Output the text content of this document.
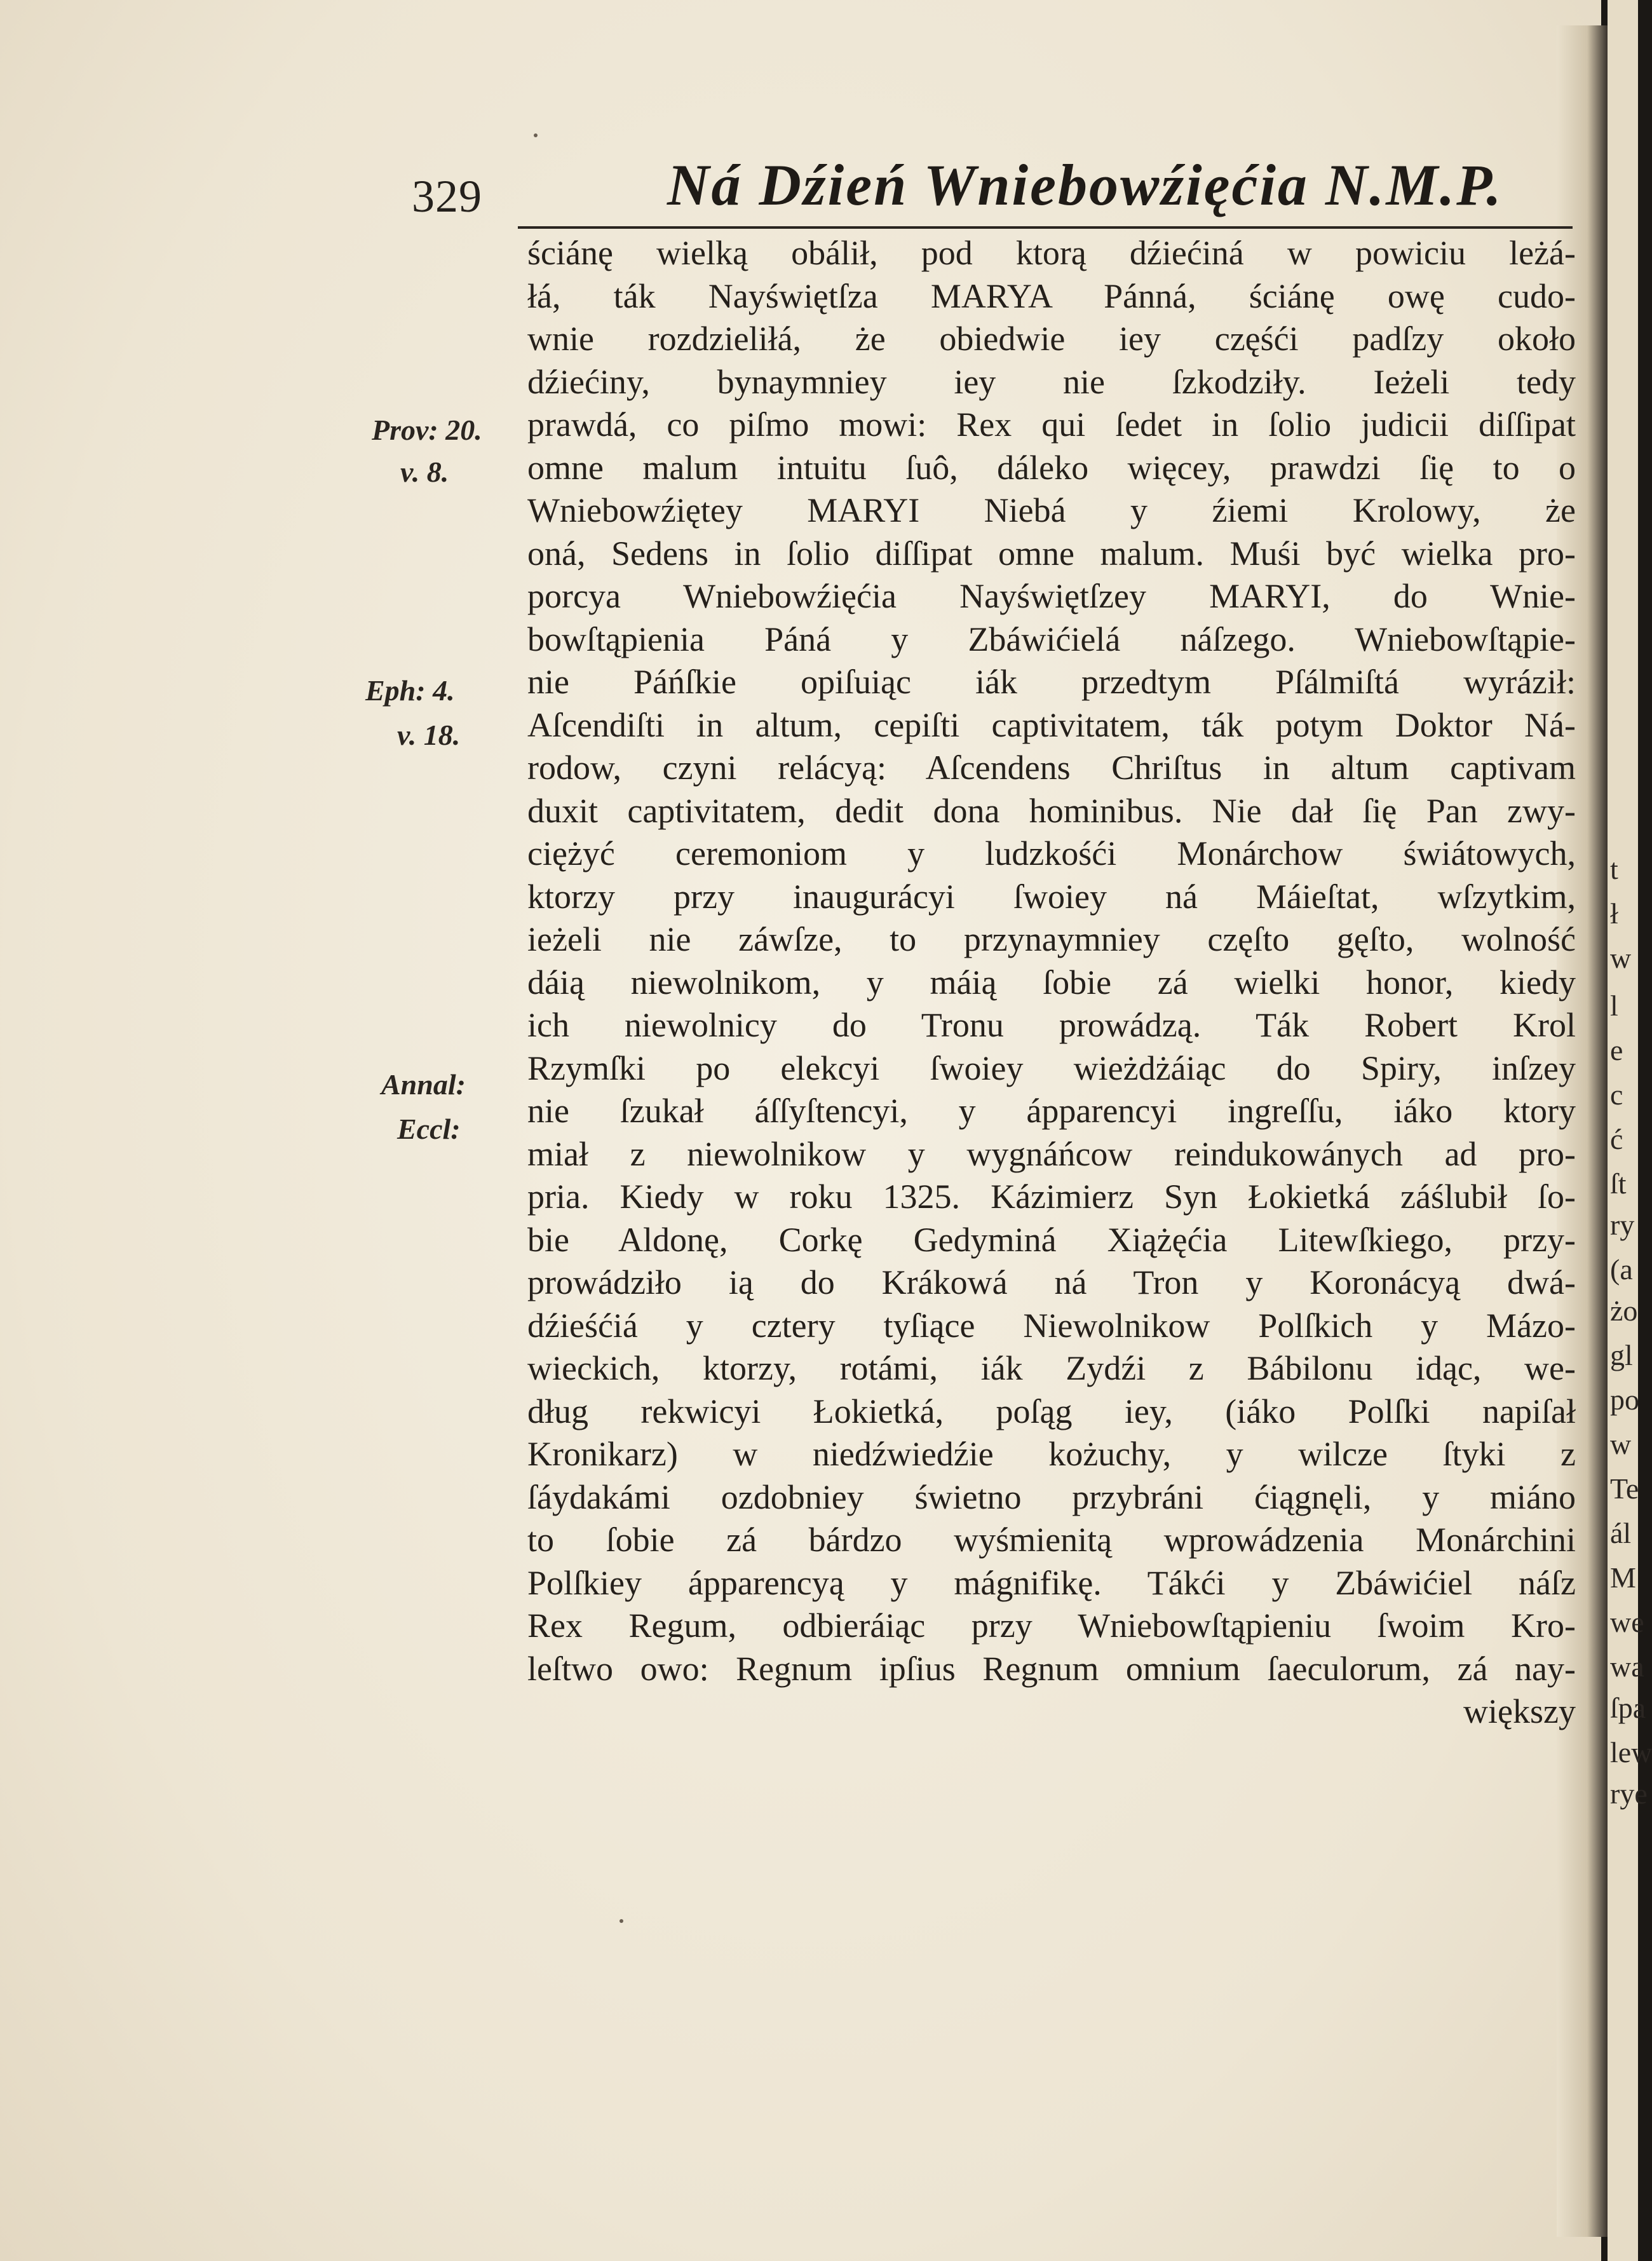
329	Ná Dźień Wniebowźięćia N.M.P.
Prov: 20.
v. 8.
Eph: 4.
v. 18.
Annal:
Eccl:
ścіánę wielką obálił, pod ktorą dźiećiná w powiciu leżá-
łá, ták Nayświętſza MARYA Pánná, ścіánę owę cudo-
wnie rozdzieliłá, że obiedwie iey częśći padſzy około
dźiećiny, bynaymniey iey nie ſzkodziły. Ieżeli tedy
prawdá, co piſmo mowi: Rex qui ſedet in ſolio judicii diſſipat
omne malum intuitu ſuô, dáleko więcey, prawdzi ſię to o
Wniebowźiętey MARYI Niebá y źiemi Krolowy, że
oná, Sedens in ſolio diſſipat omne malum. Muśi być wielka pro-
porcya Wniebowźięćia Nayświętſzey MARYI, do Wnie-
bowſtąpienia Páná y Zbáwićielá náſzego. Wniebowſtąpie-
nie Páńſkie opiſuiąc iák przedtym Pſálmiſtá wyráził:
Aſcendiſti in altum, cepiſti captivitatem, ták potym Doktor Ná-
rodow, czyni relácyą: Aſcendens Chriſtus in altum captivam
duxit captivitatem, dedit dona hominibus. Nie dał ſię Pan zwy-
ciężyć ceremoniom y ludzkośći Monárchow świátowych,
ktorzy przy inaugurácyi ſwoiey ná Máieſtat, wſzytkim,
ieżeli nie záwſze, to przynaymniey częſto gęſto, wolność
dáią niewolnikom, y máią ſobie zá wielki honor, kiedy
ich niewolnicy do Tronu prowádzą. Ták Robert Krol
Rzymſki po elekcyi ſwoiey wieżdżáiąc do Spiry, inſzey
nie ſzukał áſſyſtencyi, y ápparencyi ingreſſu, iáko ktory
miał z niewolnikow y wygnáńcow reindukowánych ad pro-
pria. Kiedy w roku 1325. Kázimierz Syn Łokietká záślubił ſo-
bie Aldonę, Corkę Gedyminá Xiążęćia Litewſkiego, przy-
prowádziło ią do Krákowá ná Tron y Koronácyą dwá-
dźieśćiá y cztery tyſiące Niewolnikow Polſkich y Mázo-
wieckich, ktorzy, rotámi, iák Zydźi z Bábilonu idąc, we-
dług rekwicyi Łokietká, poſąg iey, (iáko Polſki napiſał
Kronikarz) w niedźwiedźie kożuchy, y wilcze ſtyki z
ſáydakámi ozdobniey świetno przybráni ćiągnęli, y miáno
to ſobie zá bárdzo wyśmienitą wprowádzenia Monárchini
Polſkiey ápparencyą y mágnifikę. Tákći y Zbáwićiel náſz
Rex Regum, odbieráiąc przy Wniebowſtąpieniu ſwoim Kro-
leſtwo owo: Regnum ipſius Regnum omnium ſaeculorum, zá nay-
większy
t
ł
w
l
e
c
ć
ſt
ry
(a
żo
gl
po
w
Te
ál
M
we
wa
ſpa
lew
rye
